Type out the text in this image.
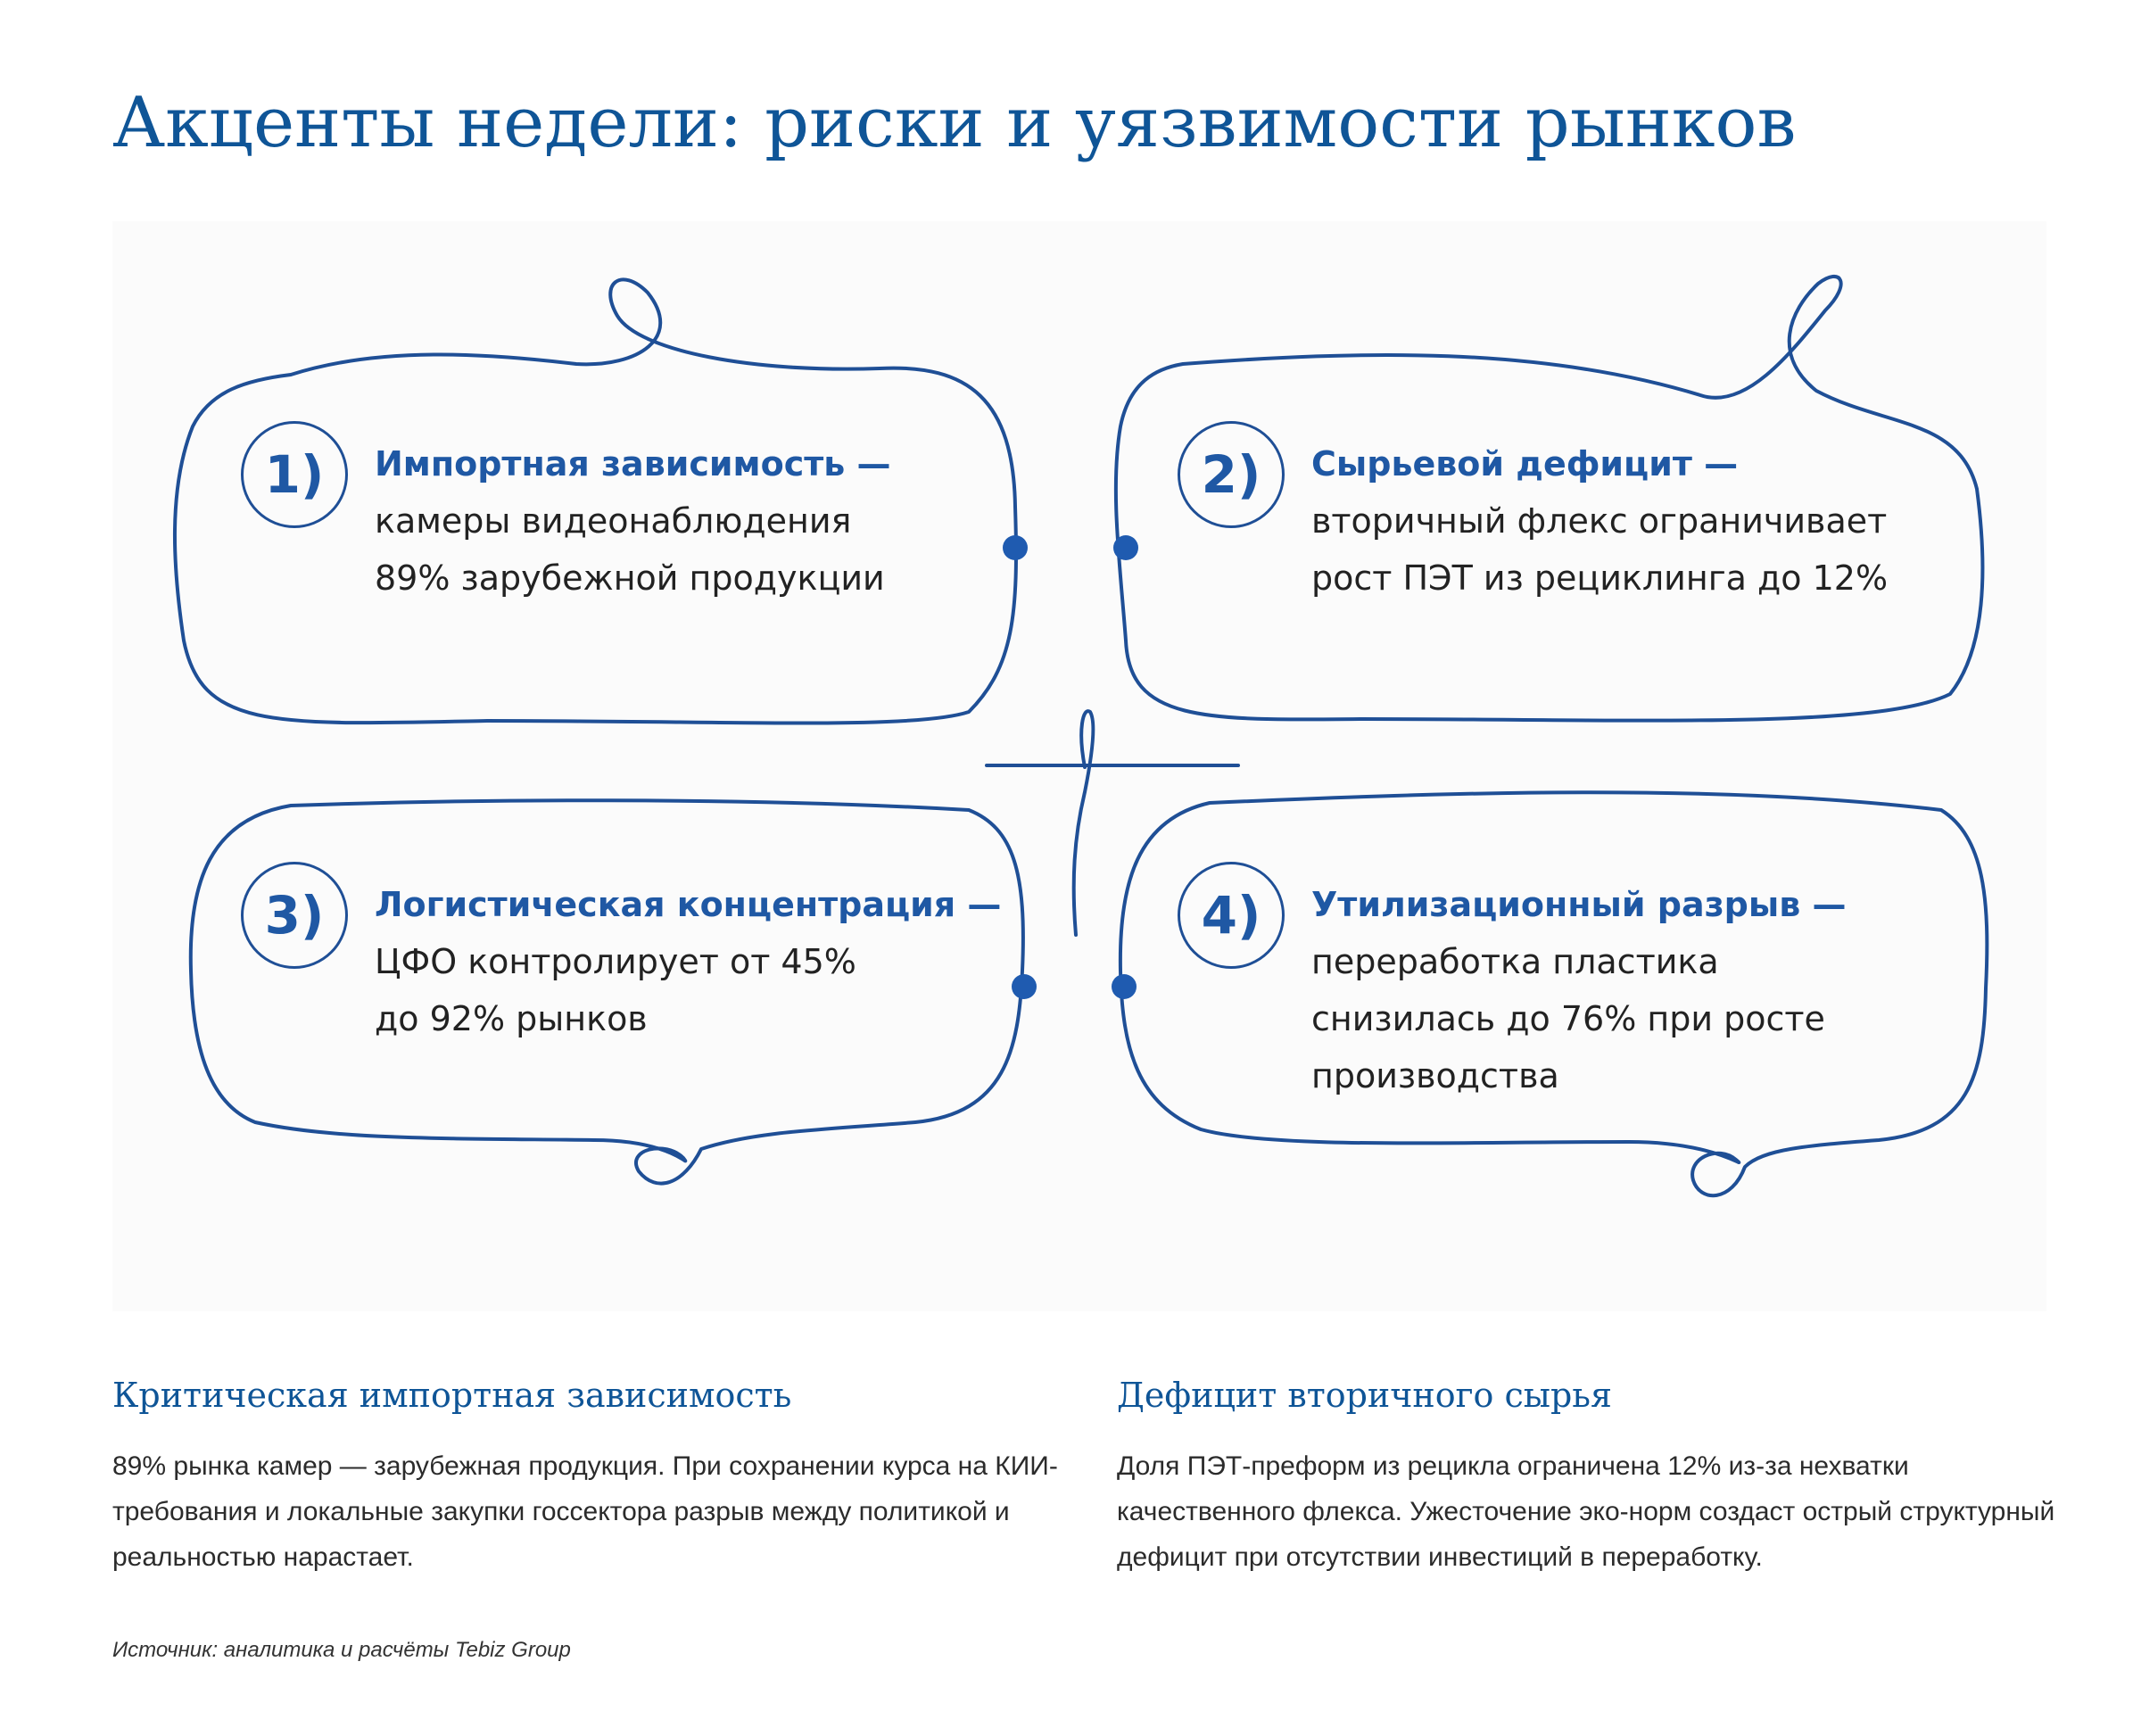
Акценты недели: риски и уязвимости рынков
1)	Импортная зависимость —
камеры видеонаблюдения
89% зарубежной продукции
2)	Сырьевой дефицит —
вторичный флекс ограничивает
рост ПЭТ из рециклинга до 12%
3)	Логистическая концентрация —
ЦФО контролирует от 45%
до 92% рынков
4)	Утилизационный разрыв —
переработка пластика
снизилась до 76% при росте
производства
Критическая импортная зависимость

89% рынка камер — зарубежная продукция. При сохранении курса на КИИ-требования и локальные закупки госсектора разрыв между политикой и реальностью нарастает.

Дефицит вторичного сырья

Доля ПЭТ-преформ из рецикла ограничена 12% из-за нехватки качественного флекса. Ужесточение эко-норм создаст острый структурный дефицит при отсутствии инвестиций в переработку.

Источник: аналитика и расчёты Tebiz Group
